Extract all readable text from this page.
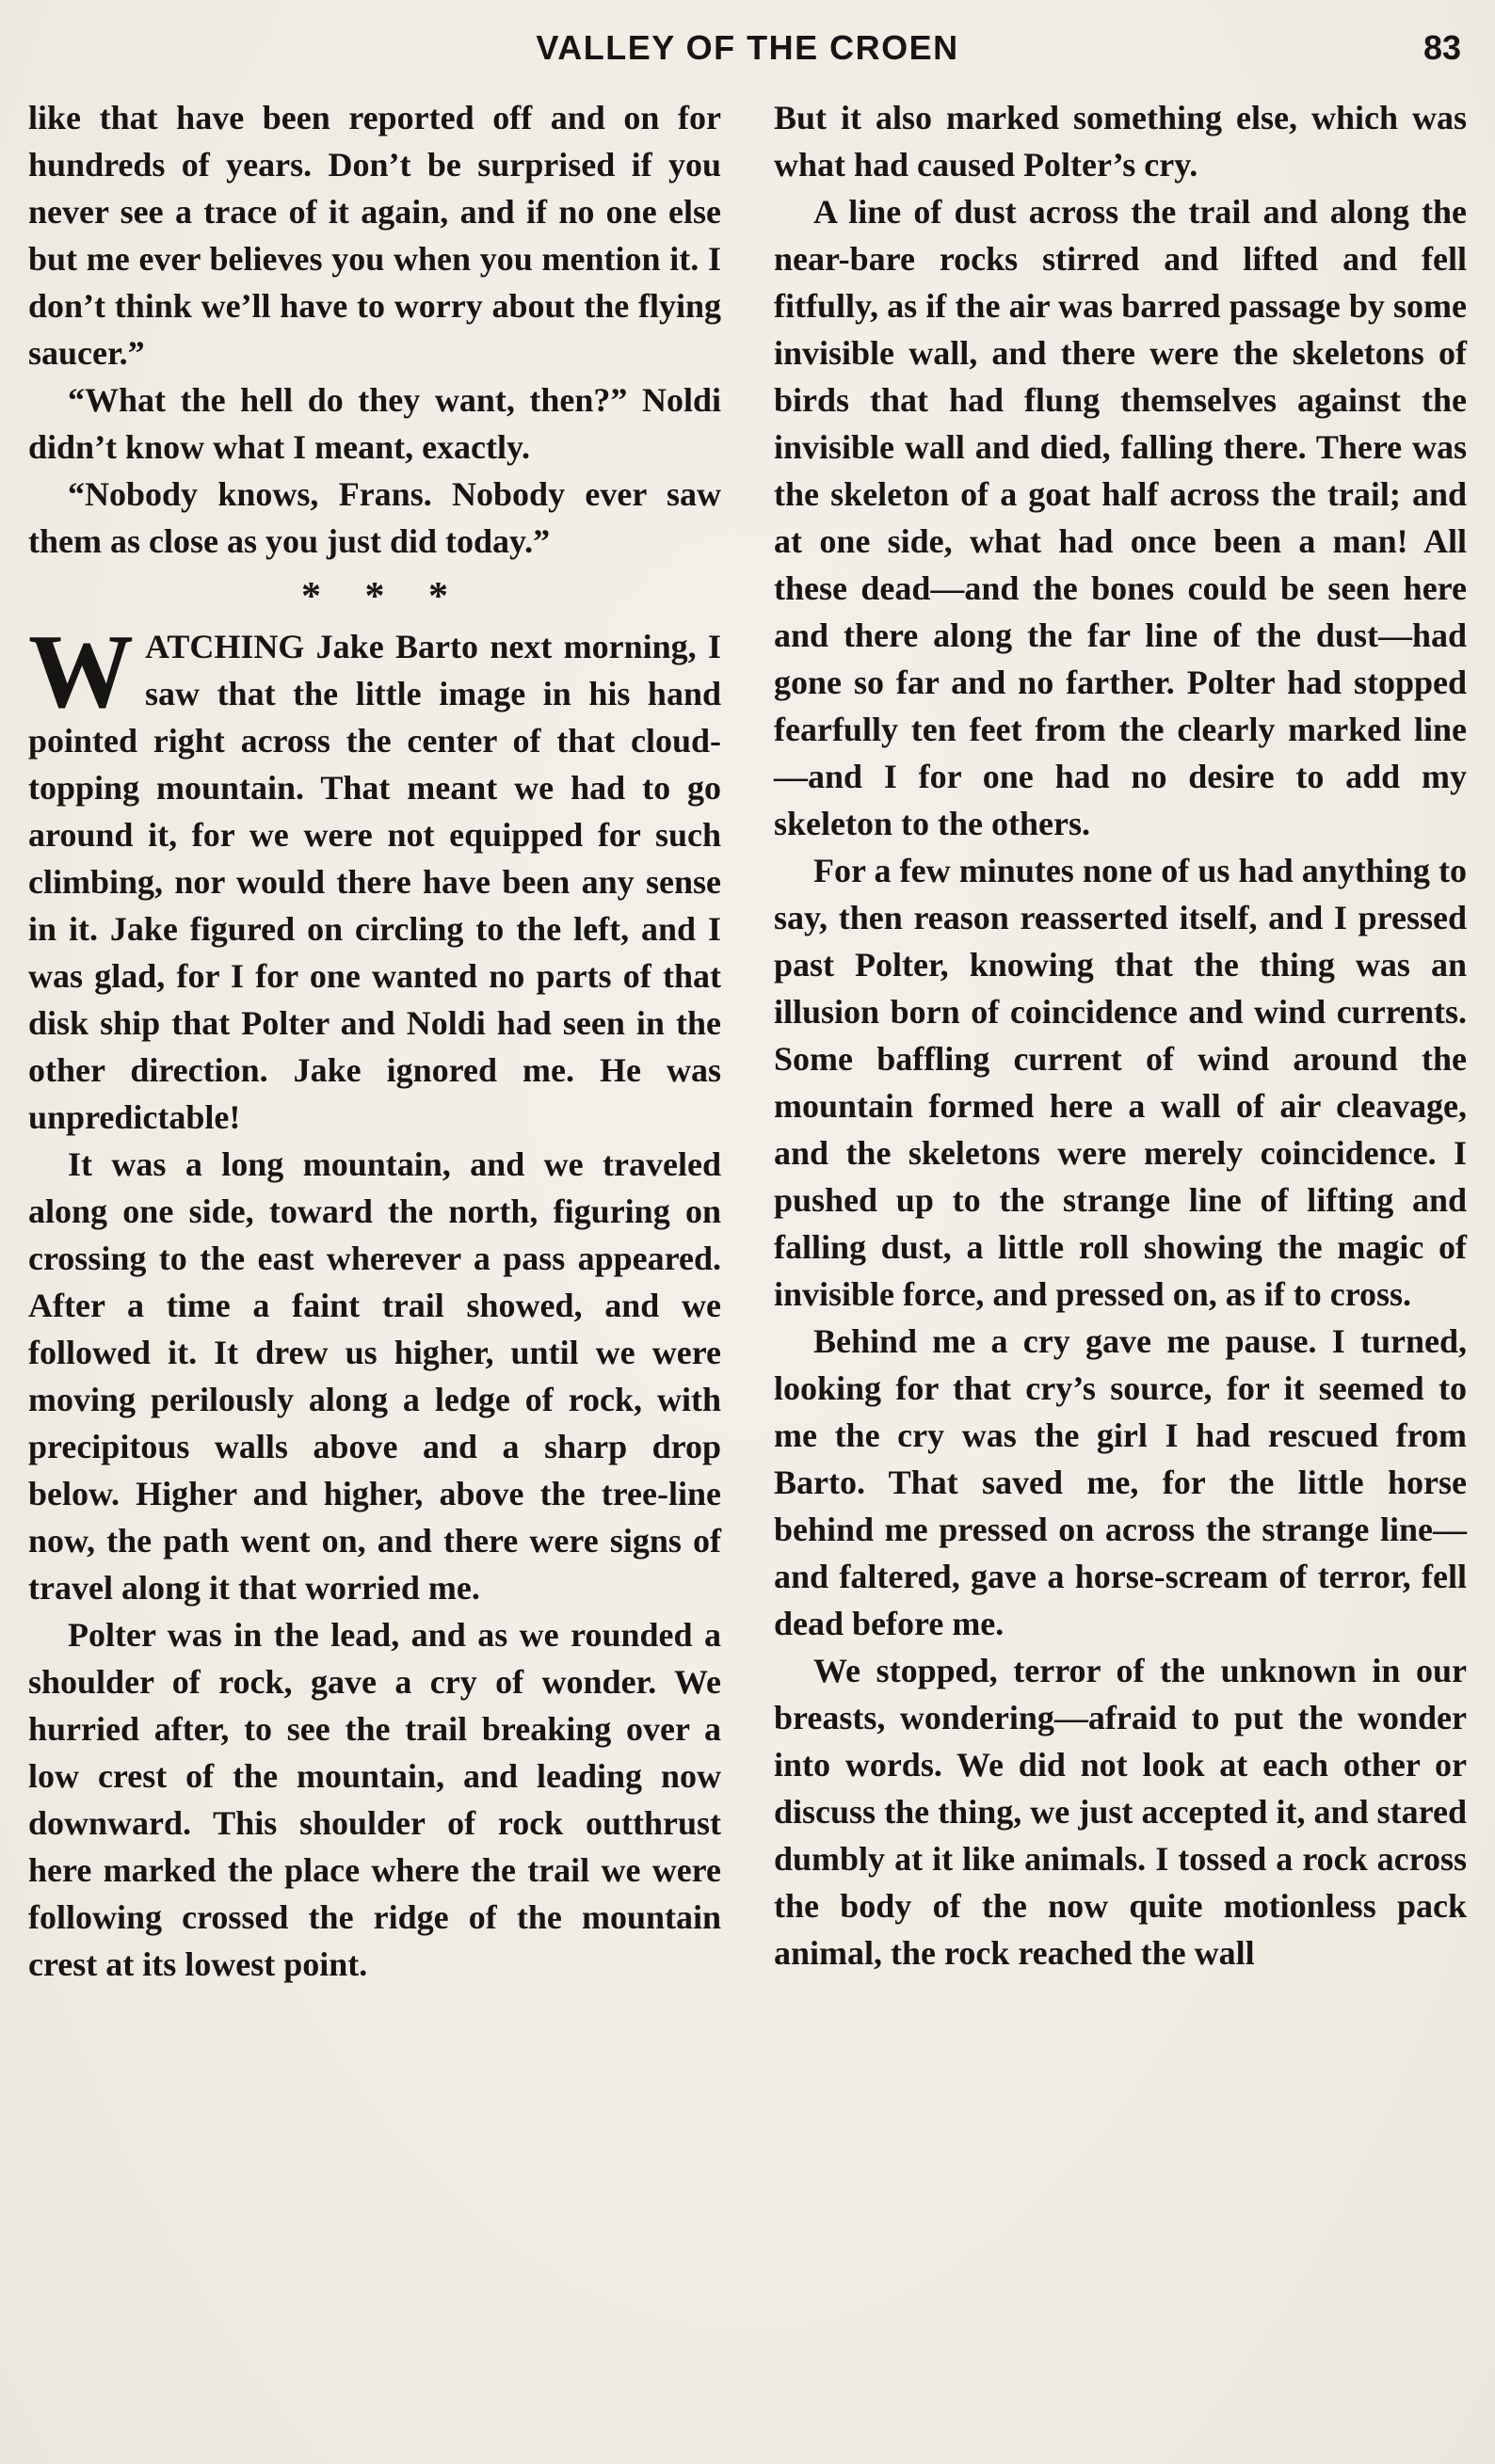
VALLEY OF THE CROEN	83

like that have been reported off and on for hundreds of years. Don’t be surprised if you never see a trace of it again, and if no one else but me ever believes you when you mention it. I don’t think we’ll have to worry about the flying saucer.”

“What the hell do they want, then?” Noldi didn’t know what I meant, exactly.

“Nobody knows, Frans. Nobody ever saw them as close as you just did today.”

* * *

WATCHING Jake Barto next morning, I saw that the little image in his hand pointed right across the center of that cloud-topping mountain. That meant we had to go around it, for we were not equipped for such climbing, nor would there have been any sense in it. Jake figured on circling to the left, and I was glad, for I for one wanted no parts of that disk ship that Polter and Noldi had seen in the other direction. Jake ignored me. He was unpredictable!

It was a long mountain, and we traveled along one side, toward the north, figuring on crossing to the east wherever a pass appeared. After a time a faint trail showed, and we followed it. It drew us higher, until we were moving perilously along a ledge of rock, with precipitous walls above and a sharp drop below. Higher and higher, above the tree-line now, the path went on, and there were signs of travel along it that worried me.

Polter was in the lead, and as we rounded a shoulder of rock, gave a cry of wonder. We hurried after, to see the trail breaking over a low crest of the mountain, and leading now downward. This shoulder of rock outthrust here marked the place where the trail we were following crossed the ridge of the mountain crest at its lowest point.

But it also marked something else, which was what had caused Polter’s cry.

A line of dust across the trail and along the near-bare rocks stirred and lifted and fell fitfully, as if the air was barred passage by some invisible wall, and there were the skeletons of birds that had flung themselves against the invisible wall and died, falling there. There was the skeleton of a goat half across the trail; and at one side, what had once been a man! All these dead—and the bones could be seen here and there along the far line of the dust—had gone so far and no farther. Polter had stopped fearfully ten feet from the clearly marked line—and I for one had no desire to add my skeleton to the others.

For a few minutes none of us had anything to say, then reason reasserted itself, and I pressed past Polter, knowing that the thing was an illusion born of coincidence and wind currents. Some baffling current of wind around the mountain formed here a wall of air cleavage, and the skeletons were merely coincidence. I pushed up to the strange line of lifting and falling dust, a little roll showing the magic of invisible force, and pressed on, as if to cross.

Behind me a cry gave me pause. I turned, looking for that cry’s source, for it seemed to me the cry was the girl I had rescued from Barto. That saved me, for the little horse behind me pressed on across the strange line—and faltered, gave a horse-scream of terror, fell dead before me.

We stopped, terror of the unknown in our breasts, wondering—afraid to put the wonder into words. We did not look at each other or discuss the thing, we just accepted it, and stared dumbly at it like animals. I tossed a rock across the body of the now quite motionless pack animal, the rock reached the wall
